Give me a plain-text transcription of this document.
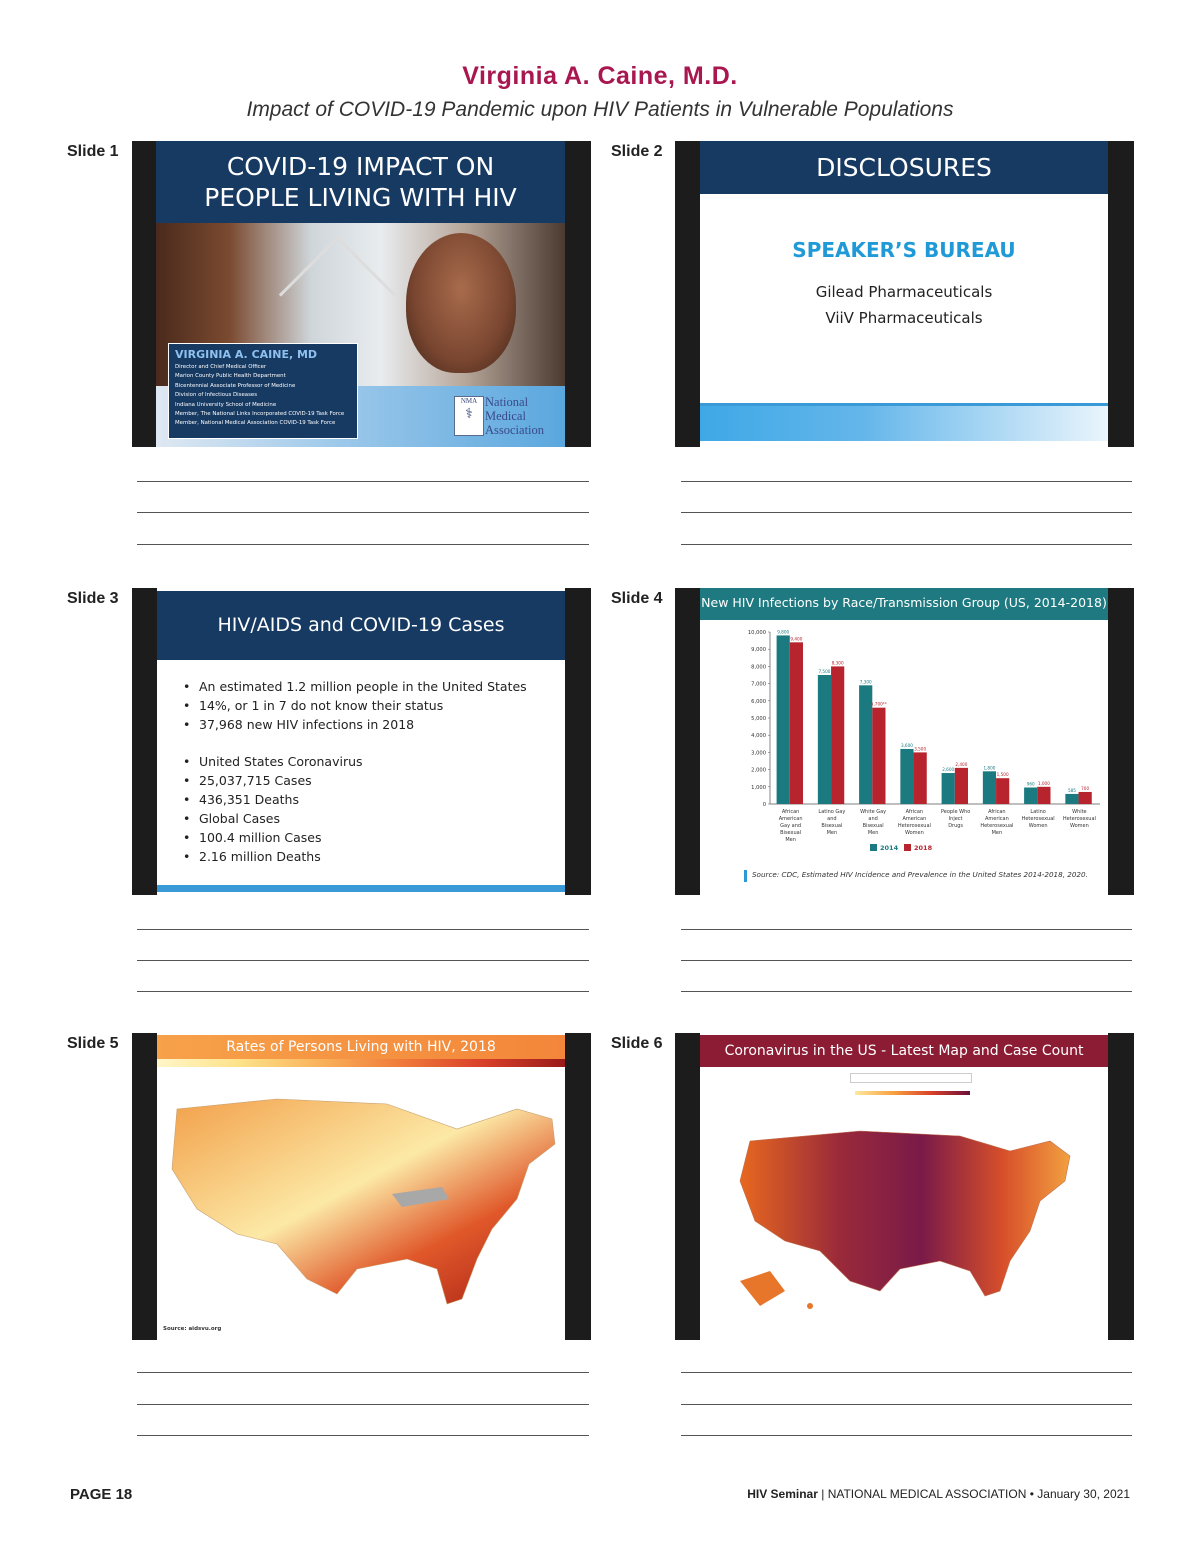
Virginia A. Caine, M.D.
Impact of COVID-19 Pandemic upon HIV Patients in Vulnerable Populations
Slide 1
COVID-19 IMPACT ON
PEOPLE LIVING WITH HIV
VIRGINIA A. CAINE, MD
Director and Chief Medical Officer
Marion County Public Health Department
Bicentennial Associate Professor of Medicine
Division of Infectious Diseases
Indiana University School of Medicine
Member, The National Links Incorporated COVID-19 Task Force
Member, National Medical Association COVID-19 Task Force
NMA
⚕
National
Medical
Association
Slide 2
DISCLOSURES
SPEAKER’S BUREAU
Gilead Pharmaceuticals
ViiV Pharmaceuticals
Slide 3
HIV/AIDS and COVID-19 Cases
• An estimated 1.2 million people in the United States
• 14%, or 1 in 7 do not know their status
• 37,968 new HIV infections in 2018
• United States Coronavirus
• 25,037,715 Cases
• 436,351 Deaths
• Global Cases
• 100.4 million Cases
• 2.16 million Deaths
Slide 4	New HIV Infections by Race/Transmission Group (US, 2014-2018)
0
1,000
2,000
3,000
4,000
5,000
6,000
7,000
8,000
9,000
10,000	9,800
9,400
African
American
Gay and
Bisexual
Men
7,500
8,300
Latino Gay
and
Bisexual
Men
7,300
5,700**
White Gay
and
Bisexual
Men
3,600
3,500
African
American
Heterosexual
Women
2,600
2,400
People Who
Inject
Drugs
1,800
1,500
African
American
Heterosexual
Men
960 1,000
Latino
Heterosexual
Women
585 700
White
Heterosexual
Women
2014 2018
Source: CDC, Estimated HIV Incidence and Prevalence in the United States 2014-2018, 2020.
Slide 5	Rates of Persons Living with HIV, 2018
Source: aidsvu.org
Slide 6	Coronavirus in the US - Latest Map and Case Count
PAGE 18	HIV Seminar | NATIONAL MEDICAL ASSOCIATION • January 30, 2021
